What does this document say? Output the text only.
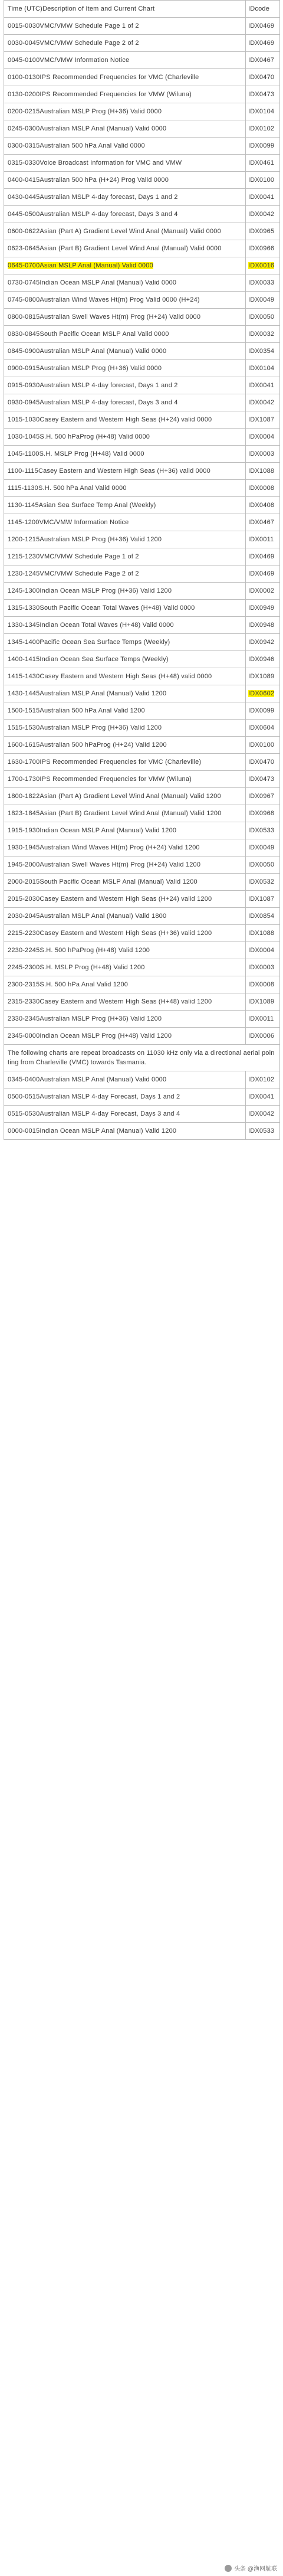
Time (UTC)Description of Item and Current Chart	IDcode
0015-0030VMC/VMW Schedule Page 1 of 2	IDX0469
0030-0045VMC/VMW Schedule Page 2 of 2	IDX0469
0045-0100VMC/VMW Information Notice	IDX0467
0100-0130IPS Recommended Frequencies for VMC (Charleville	IDX0470
0130-0200IPS Recommended Frequencies for VMW (Wiluna)	IDX0473
0200-0215Australian MSLP Prog (H+36) Valid 0000	IDX0104
0245-0300Australian MSLP Anal (Manual) Valid 0000	IDX0102
0300-0315Australian 500 hPa Anal Valid 0000	IDX0099
0315-0330Voice Broadcast Information for VMC and VMW	IDX0461
0400-0415Australian 500 hPa (H+24) Prog Valid 0000	IDX0100
0430-0445Australian MSLP 4-day forecast, Days 1 and 2	IDX0041
0445-0500Australian MSLP 4-day forecast, Days 3 and 4	IDX0042
0600-0622Asian (Part A) Gradient Level Wind Anal (Manual) Valid 0000	IDX0965
0623-0645Asian (Part B) Gradient Level Wind Anal (Manual) Valid 0000	IDX0966
0645-0700Asian MSLP Anal (Manual) Valid 0000	IDX0016
0730-0745Indian Ocean MSLP Anal (Manual) Valid 0000	IDX0033
0745-0800Australian Wind Waves Ht(m) Prog Valid 0000 (H+24)	IDX0049
0800-0815Australian Swell Waves Ht(m) Prog (H+24) Valid 0000	IDX0050
0830-0845South Pacific Ocean MSLP Anal Valid 0000	IDX0032
0845-0900Australian MSLP Anal (Manual) Valid 0000	IDX0354
0900-0915Australian MSLP Prog (H+36) Valid 0000	IDX0104
0915-0930Australian MSLP 4-day forecast, Days 1 and 2	IDX0041
0930-0945Australian MSLP 4-day forecast, Days 3 and 4	IDX0042
1015-1030Casey Eastern and Western High Seas (H+24) valid 0000	IDX1087
1030-1045S.H. 500 hPaProg (H+48) Valid 0000	IDX0004
1045-1100S.H. MSLP Prog (H+48) Valid 0000	IDX0003
1100-1115Casey Eastern and Western High Seas (H+36) valid 0000	IDX1088
1115-1130S.H. 500 hPa Anal Valid 0000	IDX0008
1130-1145Asian Sea Surface Temp Anal (Weekly)	IDX0408
1145-1200VMC/VMW Information Notice	IDX0467
1200-1215Australian MSLP Prog (H+36) Valid 1200	IDX0011
1215-1230VMC/VMW Schedule Page 1 of 2	IDX0469
1230-1245VMC/VMW Schedule Page 2 of 2	IDX0469
1245-1300Indian Ocean MSLP Prog (H+36) Valid 1200	IDX0002
1315-1330South Pacific Ocean Total Waves (H+48) Valid 0000	IDX0949
1330-1345Indian Ocean Total Waves (H+48) Valid 0000	IDX0948
1345-1400Pacific Ocean Sea Surface Temps (Weekly)	IDX0942
1400-1415Indian Ocean Sea Surface Temps (Weekly)	IDX0946
1415-1430Casey Eastern and Western High Seas (H+48) valid 0000	IDX1089
1430-1445Australian MSLP Anal (Manual) Valid 1200	IDX0602
1500-1515Australian 500 hPa Anal Valid 1200	IDX0099
1515-1530Australian MSLP Prog (H+36) Valid 1200	IDX0604
1600-1615Australian 500 hPaProg (H+24) Valid 1200	IDX0100
1630-1700IPS Recommended Frequencies for VMC (Charleville)	IDX0470
1700-1730IPS Recommended Frequencies for VMW (Wiluna)	IDX0473
1800-1822Asian (Part A) Gradient Level Wind Anal (Manual) Valid 1200	IDX0967
1823-1845Asian (Part B) Gradient Level Wind Anal (Manual) Valid 1200	IDX0968
1915-1930Indian Ocean MSLP Anal (Manual) Valid 1200	IDX0533
1930-1945Australian Wind Waves Ht(m) Prog (H+24) Valid 1200	IDX0049
1945-2000Australian Swell Waves Ht(m) Prog (H+24) Valid 1200	IDX0050
2000-2015South Pacific Ocean MSLP Anal (Manual) Valid 1200	IDX0532
2015-2030Casey Eastern and Western High Seas (H+24) valid 1200	IDX1087
2030-2045Australian MSLP Anal (Manual) Valid 1800	IDX0854
2215-2230Casey Eastern and Western High Seas (H+36) valid 1200	IDX1088
2230-2245S.H. 500 hPaProg (H+48) Valid 1200	IDX0004
2245-2300S.H. MSLP Prog (H+48) Valid 1200	IDX0003
2300-2315S.H. 500 hPa Anal Valid 1200	IDX0008
2315-2330Casey Eastern and Western High Seas (H+48) valid 1200	IDX1089
2330-2345Australian MSLP Prog (H+36) Valid 1200	IDX0011
2345-0000Indian Ocean MSLP Prog (H+48) Valid 1200	IDX0006
The following charts are repeat broadcasts on 11030 kHz only via a directional aerial pointing from Charleville (VMC) towards Tasmania.	
0345-0400Australian MSLP Anal (Manual) Valid 0000	IDX0102
0500-0515Australian MSLP 4-day Forecast, Days 1 and 2	IDX0041
0515-0530Australian MSLP 4-day Forecast, Days 3 and 4	IDX0042
0000-0015Indian Ocean MSLP Anal (Manual) Valid 1200	IDX0533
头条 @渔网航联
